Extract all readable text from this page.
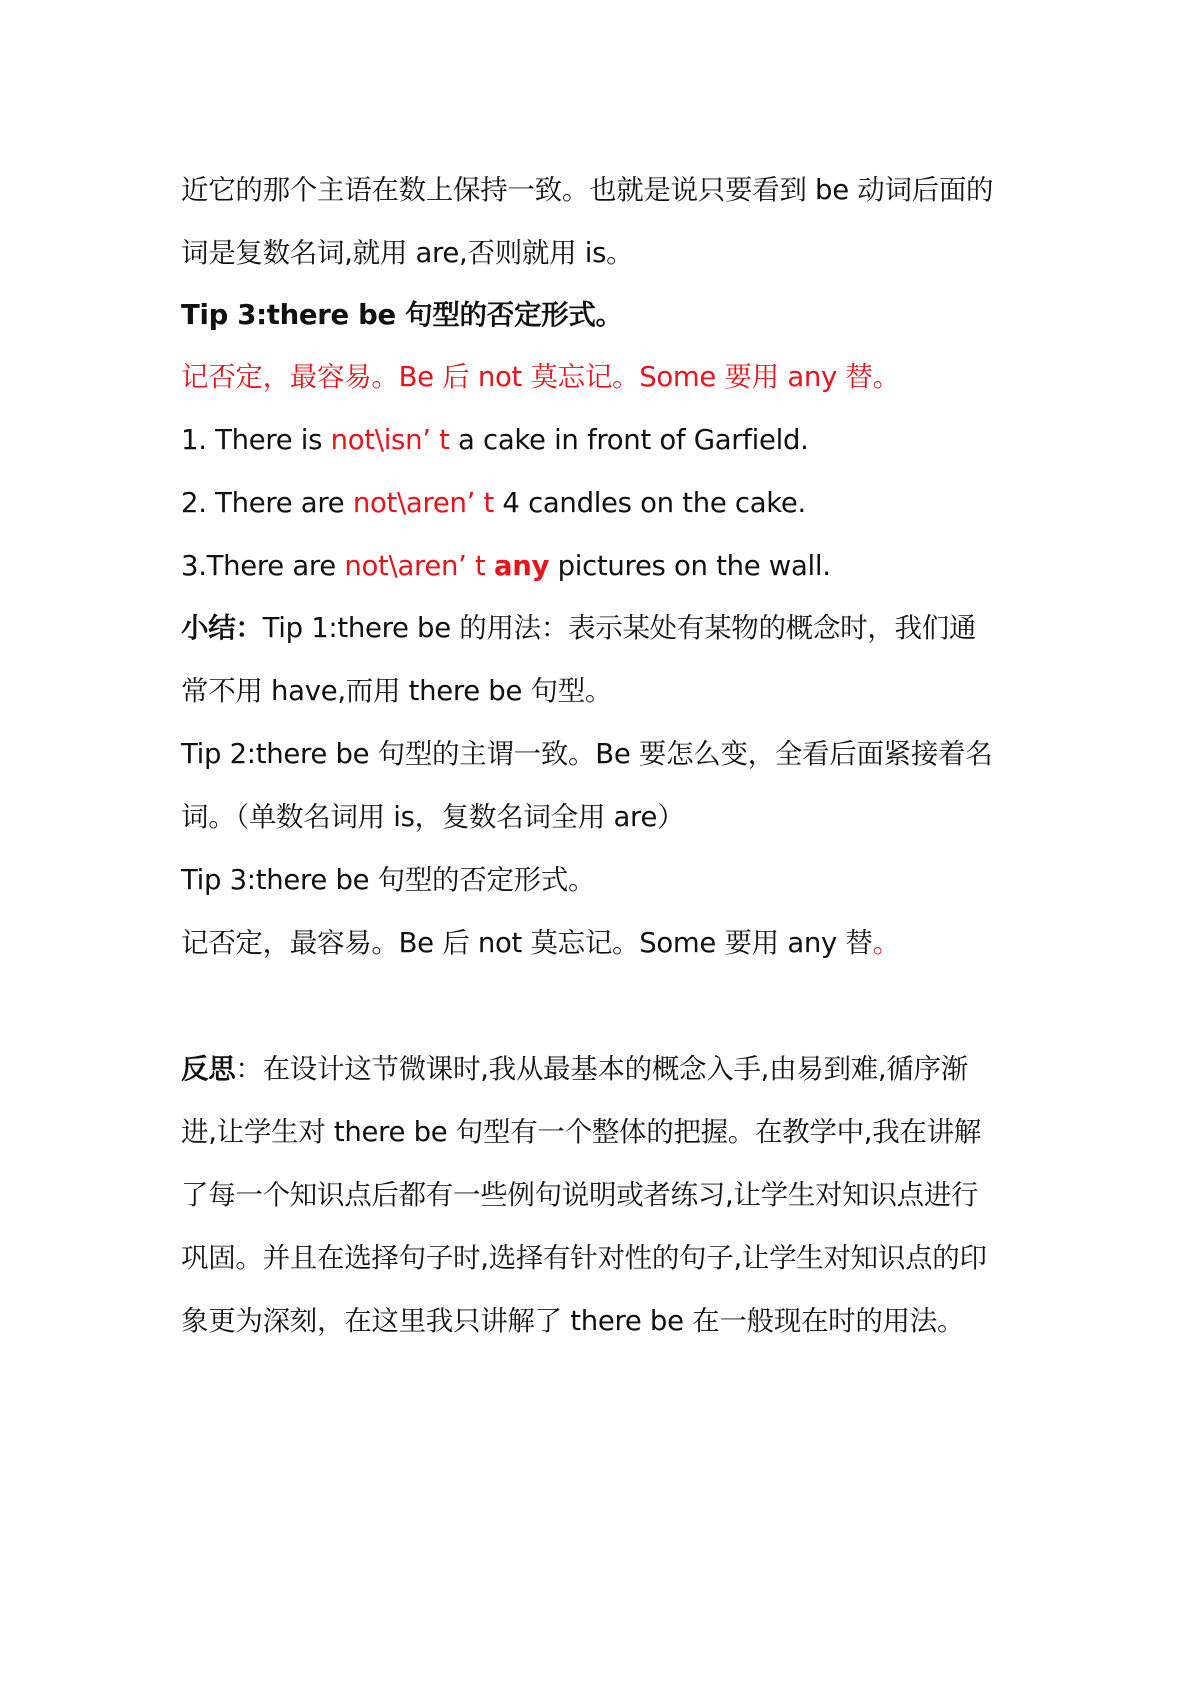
近它的那个主语在数上保持一致。也就是说只要看到 be 动词后面的
词是复数名词,就用 are,否则就用 is。
Tip 3:there be 句型的否定形式。
记否定，最容易。Be 后 not 莫忘记。Some 要用 any 替。
1. There is not\isn’ t a cake in front of Garfield.
2. There are not\aren’ t 4 candles on the cake.
3.There are not\aren’ t any pictures on the wall.
小结：Tip 1:there be 的用法：表示某处有某物的概念时，我们通
常不用 have,而用 there be 句型。
Tip 2:there be 句型的主谓一致。Be 要怎么变，全看后面紧接着名
词。（单数名词用 is，复数名词全用 are）
Tip 3:there be 句型的否定形式。
记否定，最容易。Be 后 not 莫忘记。Some 要用 any 替。
反思：在设计这节微课时,我从最基本的概念入手,由易到难,循序渐
进,让学生对 there be 句型有一个整体的把握。在教学中,我在讲解
了每一个知识点后都有一些例句说明或者练习,让学生对知识点进行
巩固。并且在选择句子时,选择有针对性的句子,让学生对知识点的印
象更为深刻，在这里我只讲解了 there be 在一般现在时的用法。
